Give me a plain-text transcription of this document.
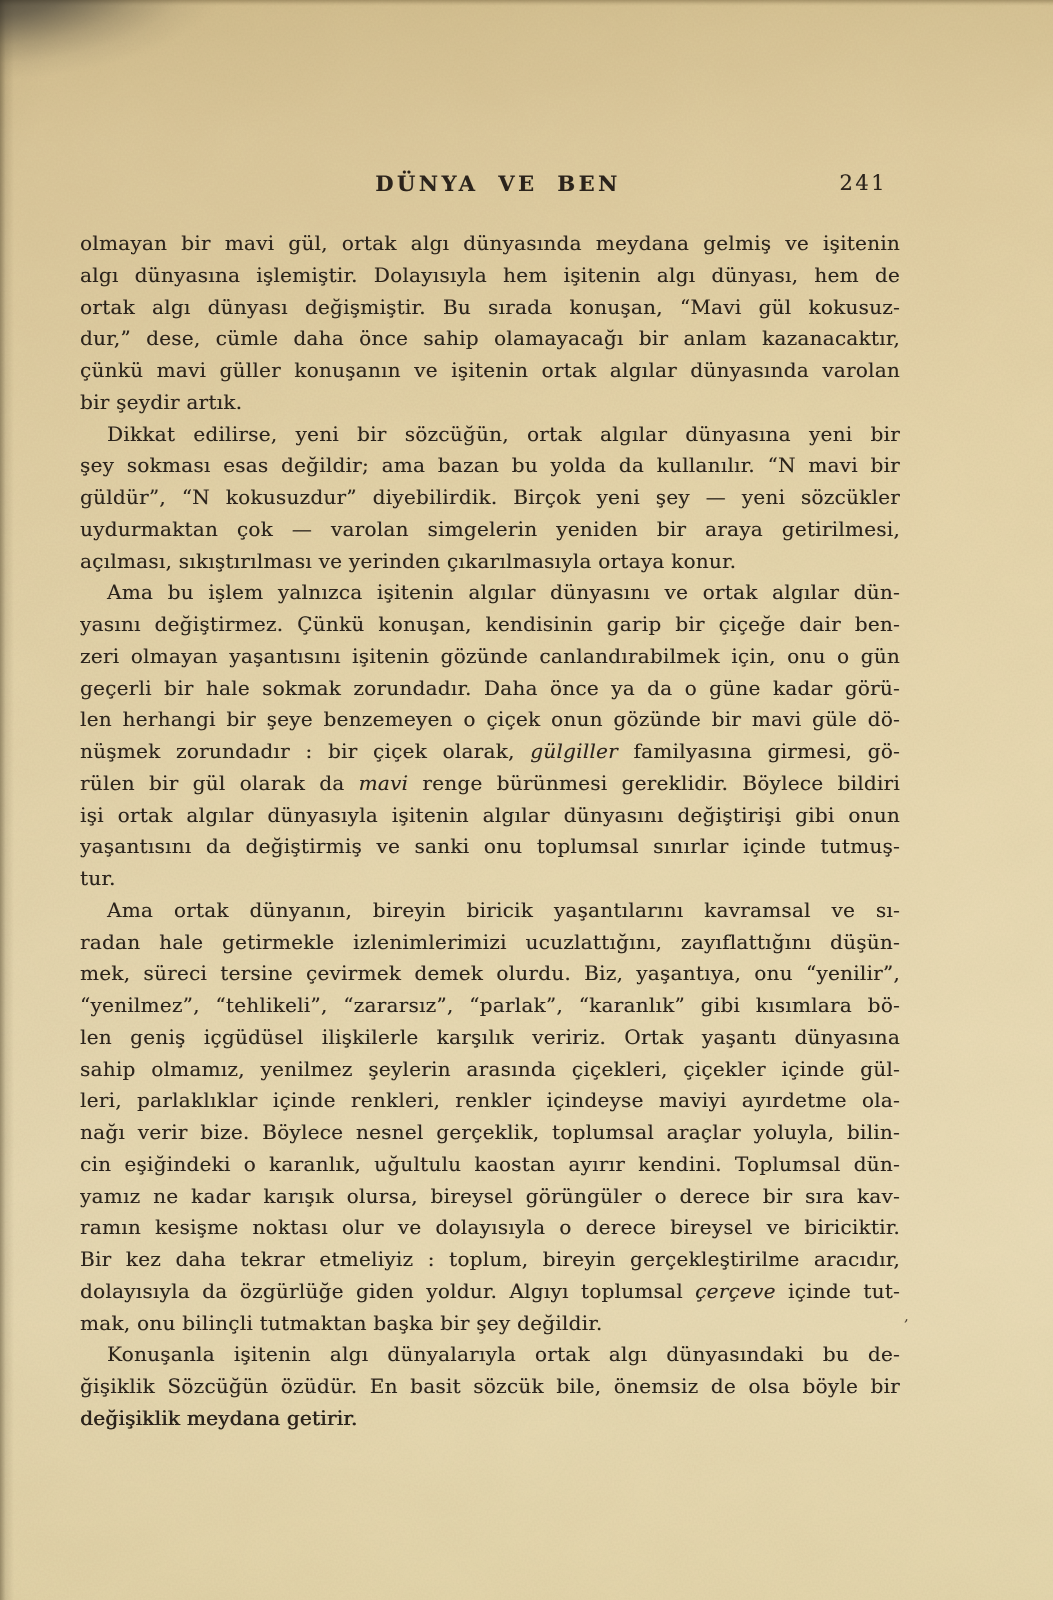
DÜNYA VE BEN	241
olmayan bir mavi gül, ortak algı dünyasında meydana gelmiş ve işitenin
algı dünyasına işlemiştir. Dolayısıyla hem işitenin algı dünyası, hem de
ortak algı dünyası değişmiştir. Bu sırada konuşan, “Mavi gül kokusuz-
dur,” dese, cümle daha önce sahip olamayacağı bir anlam kazanacaktır,
çünkü mavi güller konuşanın ve işitenin ortak algılar dünyasında varolan
bir şeydir artık.
Dikkat edilirse, yeni bir sözcüğün, ortak algılar dünyasına yeni bir
şey sokması esas değildir; ama bazan bu yolda da kullanılır. “N mavi bir
güldür”, “N kokusuzdur” diyebilirdik. Birçok yeni şey — yeni sözcükler
uydurmaktan çok — varolan simgelerin yeniden bir araya getirilmesi,
açılması, sıkıştırılması ve yerinden çıkarılmasıyla ortaya konur.
Ama bu işlem yalnızca işitenin algılar dünyasını ve ortak algılar dün-
yasını değiştirmez. Çünkü konuşan, kendisinin garip bir çiçeğe dair ben-
zeri olmayan yaşantısını işitenin gözünde canlandırabilmek için, onu o gün
geçerli bir hale sokmak zorundadır. Daha önce ya da o güne kadar görü-
len herhangi bir şeye benzemeyen o çiçek onun gözünde bir mavi güle dö-
nüşmek zorundadır : bir çiçek olarak, gülgiller familyasına girmesi, gö-
rülen bir gül olarak da mavi renge bürünmesi gereklidir. Böylece bildiri
işi ortak algılar dünyasıyla işitenin algılar dünyasını değiştirişi gibi onun
yaşantısını da değiştirmiş ve sanki onu toplumsal sınırlar içinde tutmuş-
tur.
Ama ortak dünyanın, bireyin biricik yaşantılarını kavramsal ve sı-
radan hale getirmekle izlenimlerimizi ucuzlattığını, zayıflattığını düşün-
mek, süreci tersine çevirmek demek olurdu. Biz, yaşantıya, onu “yenilir”,
“yenilmez”, “tehlikeli”, “zararsız”, “parlak”, “karanlık” gibi kısımlara bö-
len geniş içgüdüsel ilişkilerle karşılık veririz. Ortak yaşantı dünyasına
sahip olmamız, yenilmez şeylerin arasında çiçekleri, çiçekler içinde gül-
leri, parlaklıklar içinde renkleri, renkler içindeyse maviyi ayırdetme ola-
nağı verir bize. Böylece nesnel gerçeklik, toplumsal araçlar yoluyla, bilin-
cin eşiğindeki o karanlık, uğultulu kaostan ayırır kendini. Toplumsal dün-
yamız ne kadar karışık olursa, bireysel görüngüler o derece bir sıra kav-
ramın kesişme noktası olur ve dolayısıyla o derece bireysel ve biriciktir.
Bir kez daha tekrar etmeliyiz : toplum, bireyin gerçekleştirilme aracıdır,
dolayısıyla da özgürlüğe giden yoldur. Algıyı toplumsal çerçeve içinde tut-
mak, onu bilinçli tutmaktan başka bir şey değildir.
Konuşanla işitenin algı dünyalarıyla ortak algı dünyasındaki bu de-
ğişiklik Sözcüğün özüdür. En basit sözcük bile, önemsiz de olsa böyle bir
değişiklik meydana getirir.
’
